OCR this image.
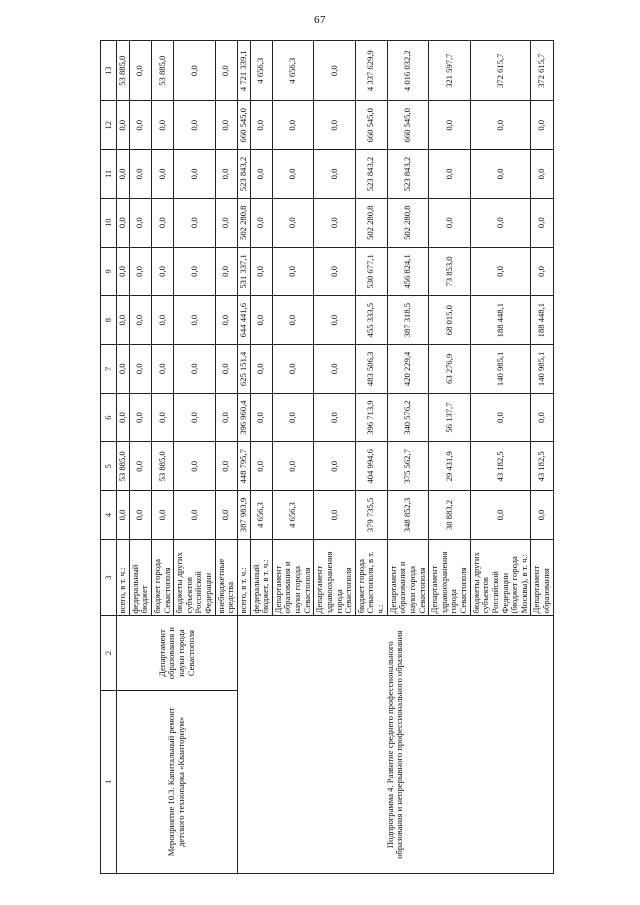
67
1	2	3	4	5	6	7	8	9	10	11	12	13
Мероприятие 10.3. Капитальный ремонт детского технопарка «Кванториум»	Департамент образования и науки города Севастополя	всего, в т. ч.:	0,0	53 885,0	0,0	0,0	0,0	0,0	0,0	0,0	0,0	53 885,0
		федеральный бюджет	0,0	0,0	0,0	0,0	0,0	0,0	0,0	0,0	0,0	0,0
		бюджет города Севастополя	0,0	53 885,0	0,0	0,0	0,0	0,0	0,0	0,0	0,0	53 885,0
		бюджеты других субъектов Российской Федерации	0,0	0,0	0,0	0,0	0,0	0,0	0,0	0,0	0,0	0,0
		внебюджетные средства	0,0	0,0	0,0	0,0	0,0	0,0	0,0	0,0	0,0	0,0
Подпрограмма 4. Развитие среднего профессионального образования и непрерывного профессионального образования		всего, в т. ч.:	387 983,9	448 795,7	396 960,4	625 151,4	644 441,6	531 337,1	502 280,8	523 843,2	660 545,0	4 721 339,1
		федеральный бюджет, в т. ч.:	4 656,3	0,0	0,0	0,0	0,0	0,0	0,0	0,0	0,0	4 656,3
		Департамент образования и науки города Севастополя	4 656,3	0,0	0,0	0,0	0,0	0,0	0,0	0,0	0,0	4 656,3
		Департамент здравоохранения города Севастополя	0,0	0,0	0,0	0,0	0,0	0,0	0,0	0,0	0,0	0,0
		бюджет города Севастополя, в т. ч.:	379 735,5	404 994,6	396 713,9	483 506,3	455 333,5	530 677,1	502 280,8	523 843,2	660 545,0	4 337 629,9
		Департамент образования и науки города Севастополя	348 852,3	375 562,7	340 576,2	420 229,4	387 318,5	456 824,1	502 280,8	523 843,2	660 545,0	4 016 032,2
		Департамент здравоохранения города Севастополя	30 883,2	29 431,9	56 137,7	63 276,9	68 015,0	73 853,0	0,0	0,0	0,0	321 597,7
		бюджеты других субъектов Российской Федерации (бюджет города Москвы), в т. ч.:	0,0	43 182,5	0,0	140 985,1	188 448,1	0,0	0,0	0,0	0,0	372 615,7
		Департамент образования	0,0	43 182,5	0,0	140 985,1	188 448,1	0,0	0,0	0,0	0,0	372 615,7
